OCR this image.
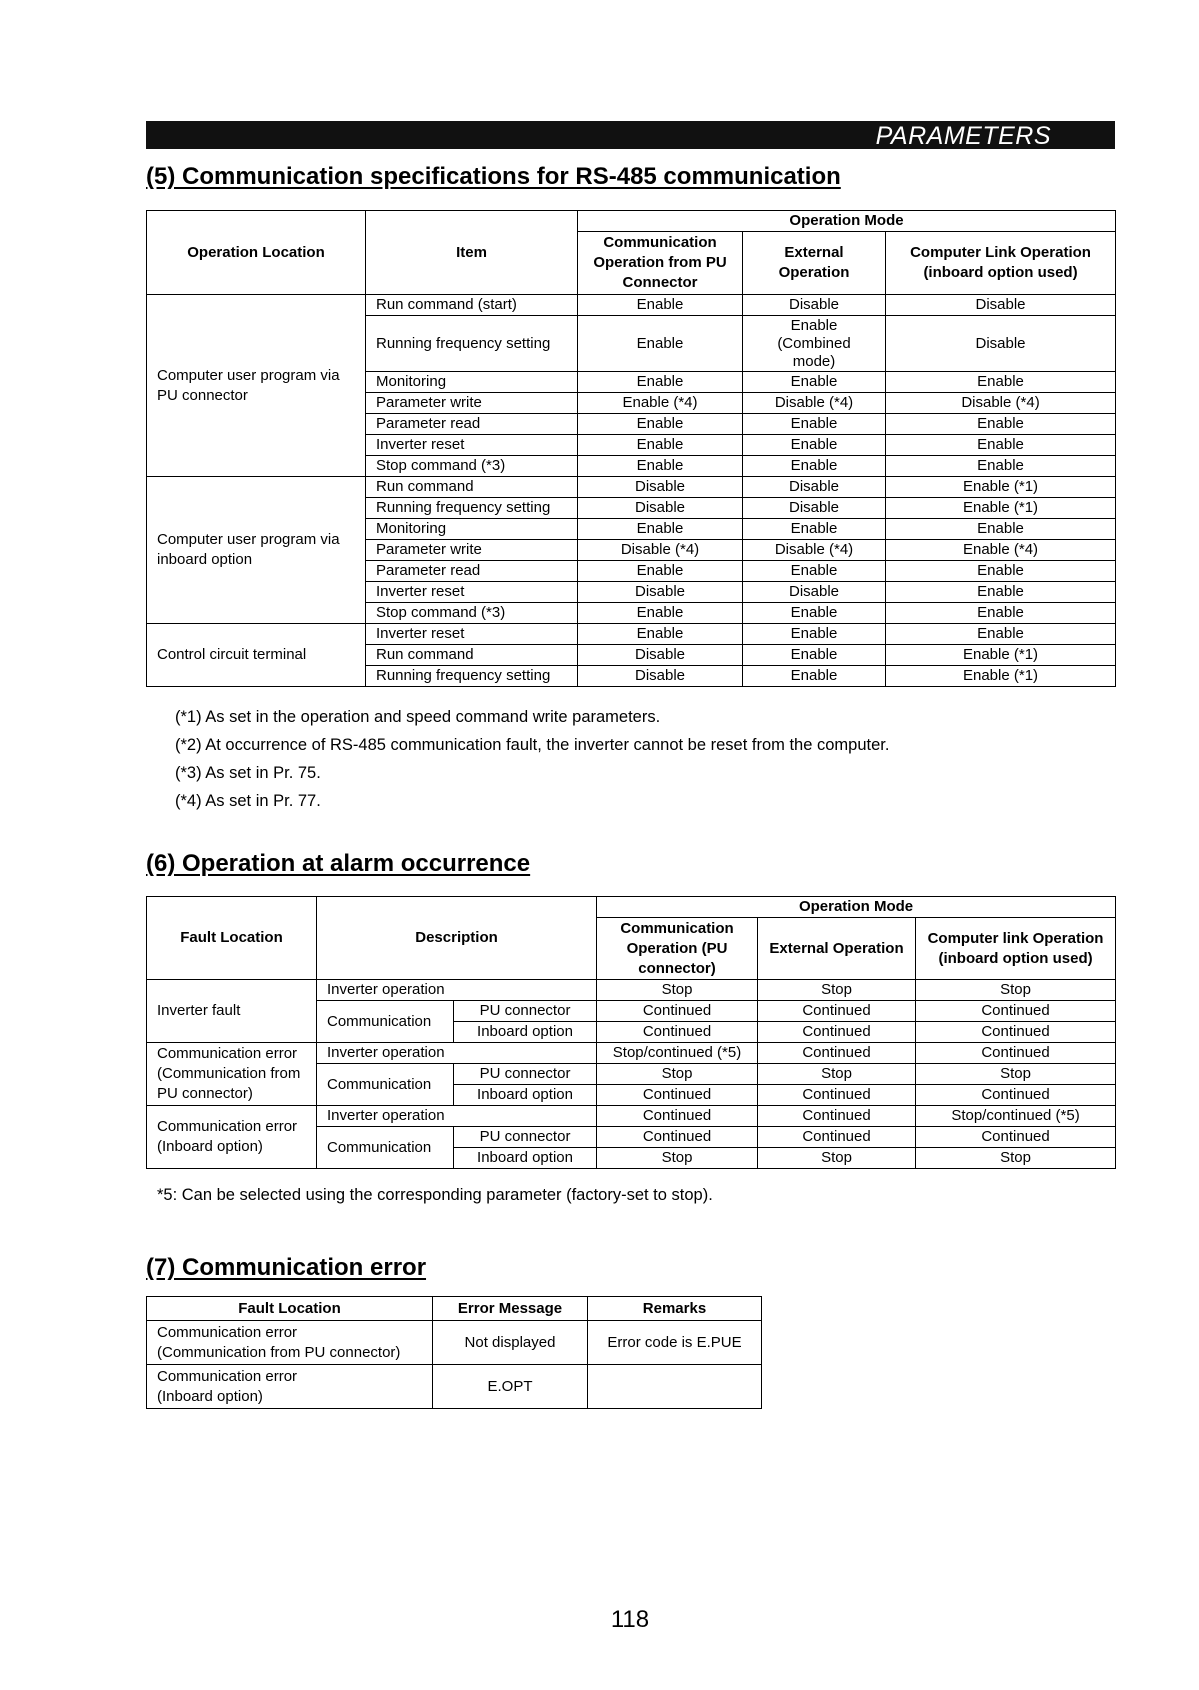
PARAMETERS
(5) Communication specifications for RS-485 communication
Operation Location	Item	Operation Mode		
		Communication Operation from PU Connector	External Operation	Computer Link Operation (inboard option used)
Computer user program via PU connector	Run command (start)	Enable	Disable	Disable
	Running frequency setting	Enable	Enable (Combined mode)	Disable
	Monitoring	Enable	Enable	Enable
	Parameter write	Enable (*4)	Disable (*4)	Disable (*4)
	Parameter read	Enable	Enable	Enable
	Inverter reset	Enable	Enable	Enable
	Stop command (*3)	Enable	Enable	Enable
Computer user program via inboard option	Run command	Disable	Disable	Enable (*1)
	Running frequency setting	Disable	Disable	Enable (*1)
	Monitoring	Enable	Enable	Enable
	Parameter write	Disable (*4)	Disable (*4)	Enable (*4)
	Parameter read	Enable	Enable	Enable
	Inverter reset	Disable	Disable	Enable
	Stop command (*3)	Enable	Enable	Enable
Control circuit terminal	Inverter reset	Enable	Enable	Enable
	Run command	Disable	Enable	Enable (*1)
	Running frequency setting	Disable	Enable	Enable (*1)
(*1) As set in the operation and speed command write parameters.
(*2) At occurrence of RS-485 communication fault, the inverter cannot be reset from the computer.
(*3) As set in Pr. 75.
(*4) As set in Pr. 77.
(6) Operation at alarm occurrence
Fault Location	Description		Operation Mode		
			Communication Operation (PU connector)	External Operation	Computer link Operation (inboard option used)
Inverter fault	Inverter operation		Stop	Stop	Stop
	Communication	PU connector	Continued	Continued	Continued
		Inboard option	Continued	Continued	Continued
Communication error (Communication from PU connector)	Inverter operation		Stop/continued (*5)	Continued	Continued
	Communication	PU connector	Stop	Stop	Stop
		Inboard option	Continued	Continued	Continued
Communication error (Inboard option)	Inverter operation		Continued	Continued	Stop/continued (*5)
	Communication	PU connector	Continued	Continued	Continued
		Inboard option	Stop	Stop	Stop
*5: Can be selected using the corresponding parameter (factory-set to stop).
(7) Communication error
Fault Location	Error Message	Remarks

Communication error
(Communication from PU connector)	Not displayed	Error code is E.PUE

Communication error
(Inboard option)	E.OPT	
118
